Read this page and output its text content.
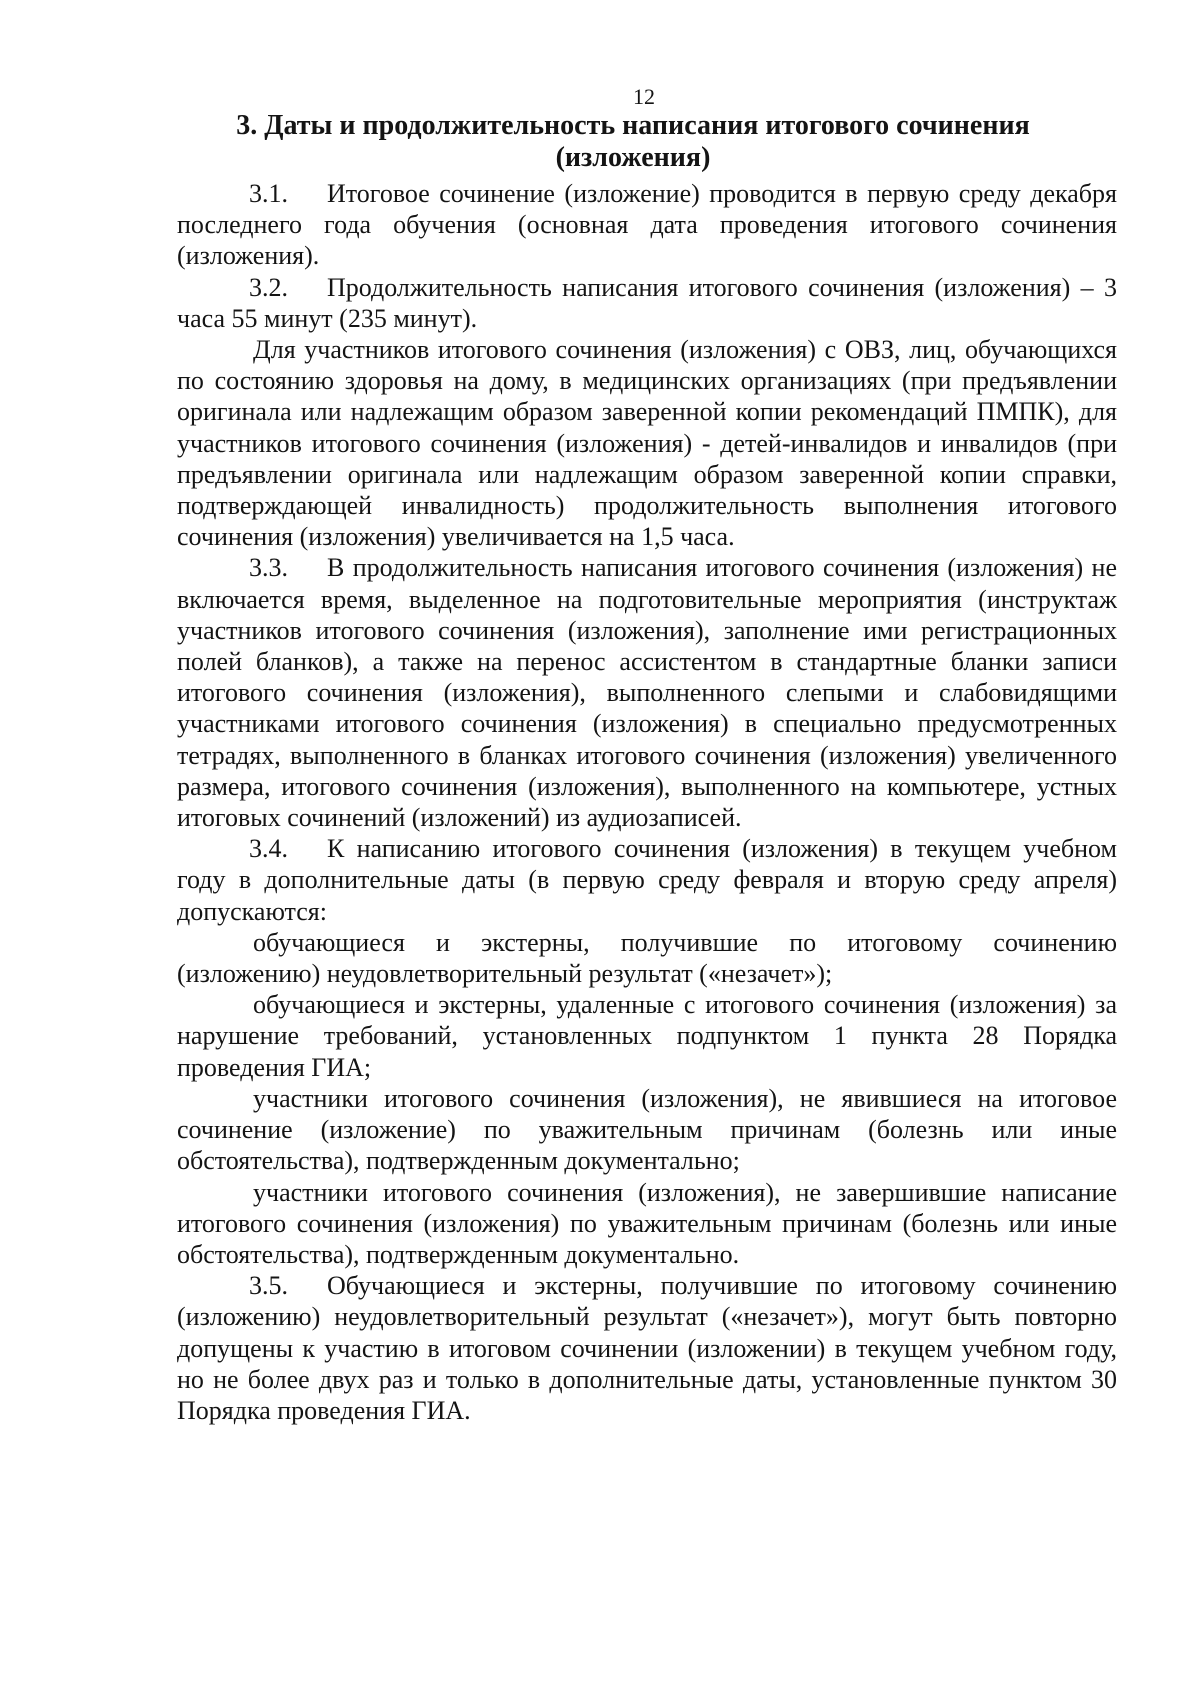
12
3. Даты и продолжительность написания итогового сочинения
(изложения)

3.1. Итоговое сочинение (изложение) проводится в первую среду декабря последнего года обучения (основная дата проведения итогового сочинения (изложения).

3.2. Продолжительность написания итогового сочинения (изложения) – 3 часа 55 минут (235 минут).

Для участников итогового сочинения (изложения) с ОВЗ, лиц, обучающихся по состоянию здоровья на дому, в медицинских организациях (при предъявлении оригинала или надлежащим образом заверенной копии рекомендаций ПМПК), для участников итогового сочинения (изложения) - детей-инвалидов и инвалидов (при предъявлении оригинала или надлежащим образом заверенной копии справки, подтверждающей инвалидность) продолжительность выполнения итогового сочинения (изложения) увеличивается на 1,5 часа.

3.3. В продолжительность написания итогового сочинения (изложения) не включается время, выделенное на подготовительные мероприятия (инструктаж участников итогового сочинения (изложения), заполнение ими регистрационных полей бланков), а также на перенос ассистентом в стандартные бланки записи итогового сочинения (изложения), выполненного слепыми и слабовидящими участниками итогового сочинения (изложения) в специально предусмотренных тетрадях, выполненного в бланках итогового сочинения (изложения) увеличенного размера, итогового сочинения (изложения), выполненного на компьютере, устных итоговых сочинений (изложений) из аудиозаписей.

3.4. К написанию итогового сочинения (изложения) в текущем учебном году в дополнительные даты (в первую среду февраля и вторую среду апреля) допускаются:

обучающиеся и экстерны, получившие по итоговому сочинению (изложению) неудовлетворительный результат («незачет»);

обучающиеся и экстерны, удаленные с итогового сочинения (изложения) за нарушение требований, установленных подпунктом 1 пункта 28 Порядка проведения ГИА;

участники итогового сочинения (изложения), не явившиеся на итоговое сочинение (изложение) по уважительным причинам (болезнь или иные обстоятельства), подтвержденным документально;

участники итогового сочинения (изложения), не завершившие написание итогового сочинения (изложения) по уважительным причинам (болезнь или иные обстоятельства), подтвержденным документально.

3.5. Обучающиеся и экстерны, получившие по итоговому сочинению (изложению) неудовлетворительный результат («незачет»), могут быть повторно допущены к участию в итоговом сочинении (изложении) в текущем учебном году, но не более двух раз и только в дополнительные даты, установленные пунктом 30 Порядка проведения ГИА.
